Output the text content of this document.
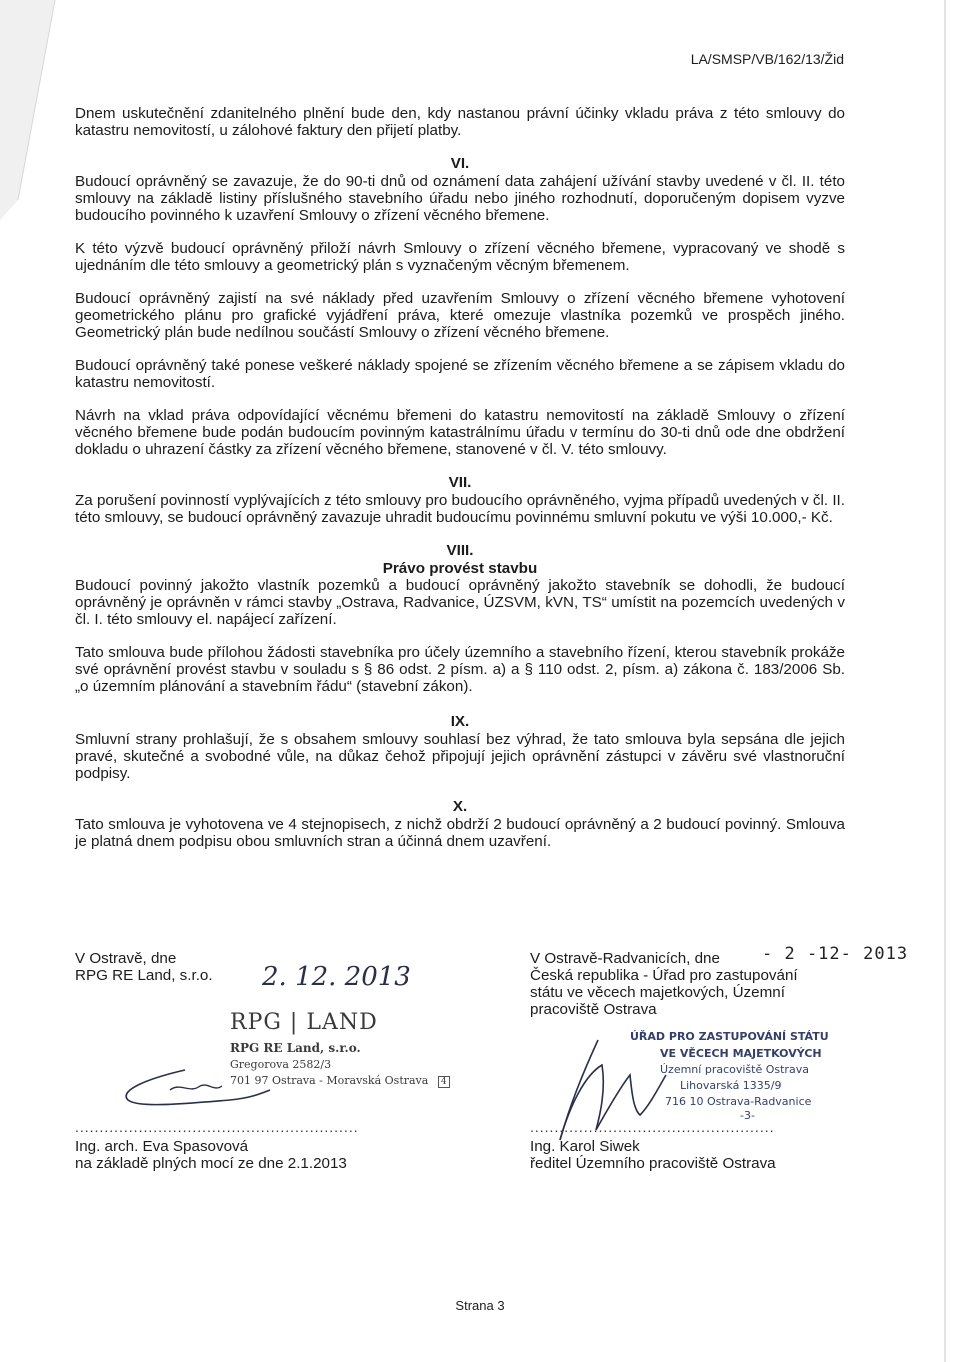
LA/SMSP/VB/162/13/Žid

Dnem uskutečnění zdanitelného plnění bude den, kdy nastanou právní účinky vkladu práva z této smlouvy do katastru nemovitostí, u zálohové faktury den přijetí platby.

VI.

Budoucí oprávněný se zavazuje, že do 90-ti dnů od oznámení data zahájení užívání stavby uvedené v čl. II. této smlouvy na základě listiny příslušného stavebního úřadu nebo jiného rozhodnutí, doporučeným dopisem vyzve budoucího povinného k uzavření Smlouvy o zřízení věcného břemene.

K této výzvě budoucí oprávněný přiloží návrh Smlouvy o zřízení věcného břemene, vypracovaný ve shodě s ujednáním dle této smlouvy a geometrický plán s vyznačeným věcným břemenem.

Budoucí oprávněný zajistí na své náklady před uzavřením Smlouvy o zřízení věcného břemene vyhotovení geometrického plánu pro grafické vyjádření práva, které omezuje vlastníka pozemků ve prospěch jiného. Geometrický plán bude nedílnou součástí Smlouvy o zřízení věcného břemene.

Budoucí oprávněný také ponese veškeré náklady spojené se zřízením věcného břemene a se zápisem vkladu do katastru nemovitostí.

Návrh na vklad práva odpovídající věcnému břemeni do katastru nemovitostí na základě Smlouvy o zřízení věcného břemene bude podán budoucím povinným katastrálnímu úřadu v termínu do 30-ti dnů ode dne obdržení dokladu o uhrazení částky za zřízení věcného břemene, stanovené v čl. V. této smlouvy.

VII.

Za porušení povinností vyplývajících z této smlouvy pro budoucího oprávněného, vyjma případů uvedených v čl. II. této smlouvy, se budoucí oprávněný zavazuje uhradit budoucímu povinnému smluvní pokutu ve výši 10.000,- Kč.

VIII.
Právo provést stavbu

Budoucí povinný jakožto vlastník pozemků a budoucí oprávněný jakožto stavebník se dohodli, že budoucí oprávněný je oprávněn v rámci stavby „Ostrava, Radvanice, ÚZSVM, kVN, TS“ umístit na pozemcích uvedených v čl. I. této smlouvy el. napájecí zařízení.

Tato smlouva bude přílohou žádosti stavebníka pro účely územního a stavebního řízení, kterou stavebník prokáže své oprávnění provést stavbu v souladu s § 86 odst. 2 písm. a) a § 110 odst. 2, písm. a) zákona č. 183/2006 Sb. „o územním plánování a stavebním řádu“ (stavební zákon).

IX.

Smluvní strany prohlašují, že s obsahem smlouvy souhlasí bez výhrad, že tato smlouva byla sepsána dle jejich pravé, skutečné a svobodné vůle, na důkaz čehož připojují jejich oprávnění zástupci v závěru své vlastnoruční podpisy.

X.

Tato smlouva je vyhotovena ve 4 stejnopisech, z nichž obdrží 2 budoucí oprávněný a 2 budoucí povinný. Smlouva je platná dnem podpisu obou smluvních stran a účinná dnem uzavření.

V Ostravě, dne

RPG RE Land, s.r.o.	2. 12. 2013
RPG | LAND
RPG RE Land, s.r.o.
Gregorova 2582/3
701 97 Ostrava - Moravská Ostrava 4
..........................................................

Ing. arch. Eva Spasovová

na základě plných mocí ze dne 2.1.2013

V Ostravě-Radvanicích, dne

Česká republika - Úřad pro zastupování

státu ve věcech majetkových, Územní

pracoviště Ostrava

- 2 -12- 2013
ÚŘAD PRO ZASTUPOVÁNÍ STÁTU
VE VĚCECH MAJETKOVÝCH
Územní pracoviště Ostrava
Lihovarská 1335/9
716 10 Ostrava-Radvanice
-3-
..................................................

Ing. Karol Siwek

ředitel Územního pracoviště Ostrava

Strana 3
